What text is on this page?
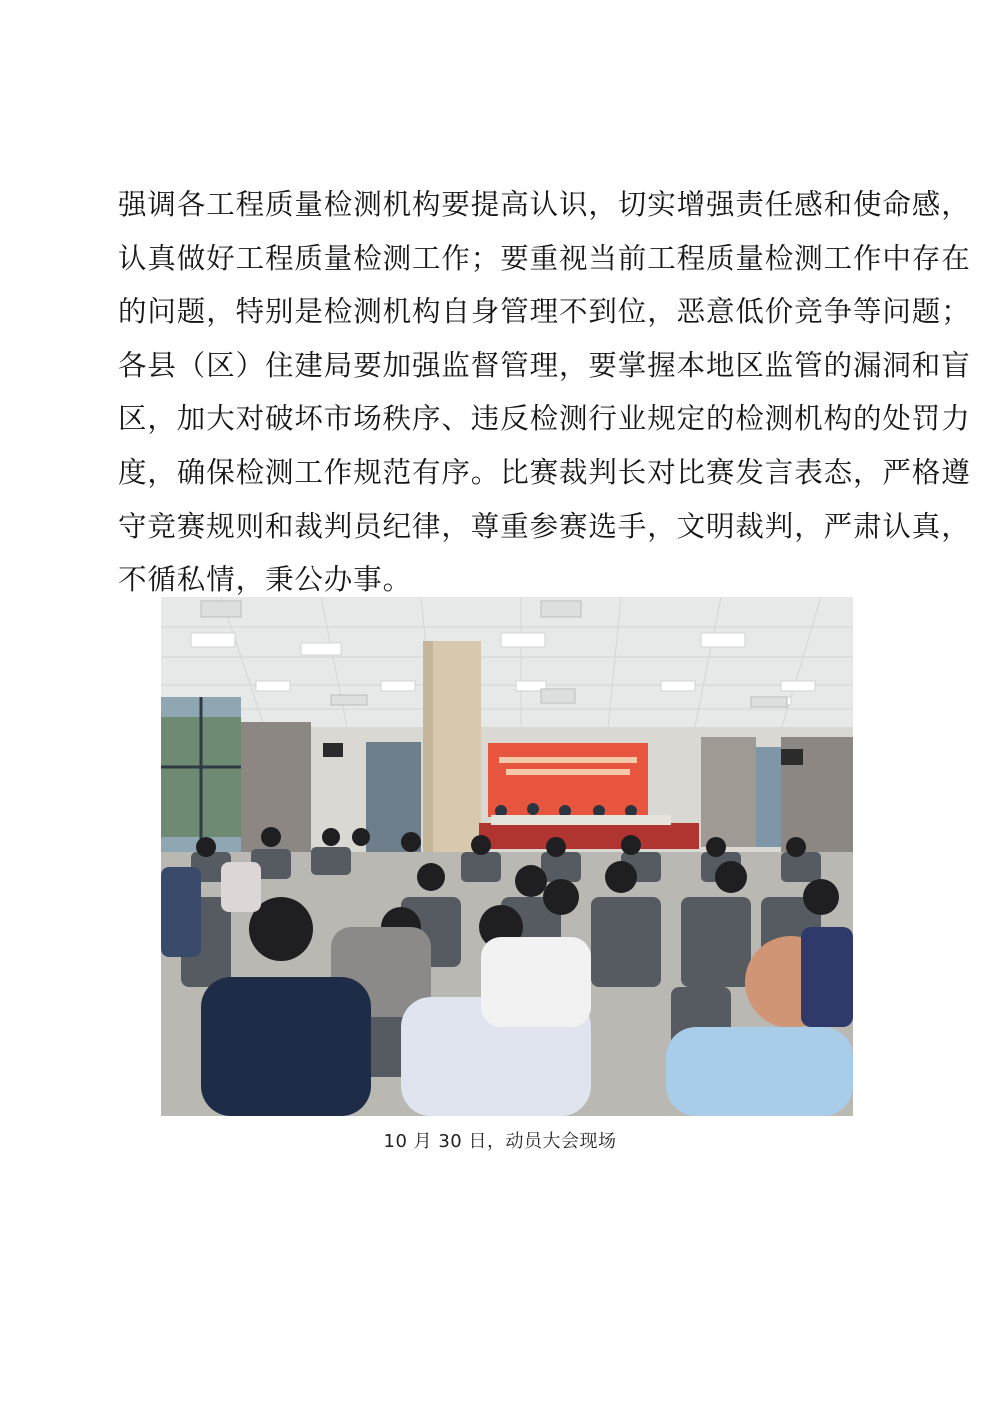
强调各工程质量检测机构要提高认识，切实增强责任感和使命感，
认真做好工程质量检测工作；要重视当前工程质量检测工作中存在
的问题，特别是检测机构自身管理不到位，恶意低价竞争等问题；
各县（区）住建局要加强监督管理，要掌握本地区监管的漏洞和盲
区，加大对破坏市场秩序、违反检测行业规定的检测机构的处罚力
度，确保检测工作规范有序。比赛裁判长对比赛发言表态，严格遵
守竞赛规则和裁判员纪律，尊重参赛选手，文明裁判，严肃认真，
不循私情，秉公办事。
10 月 30 日，动员大会现场
